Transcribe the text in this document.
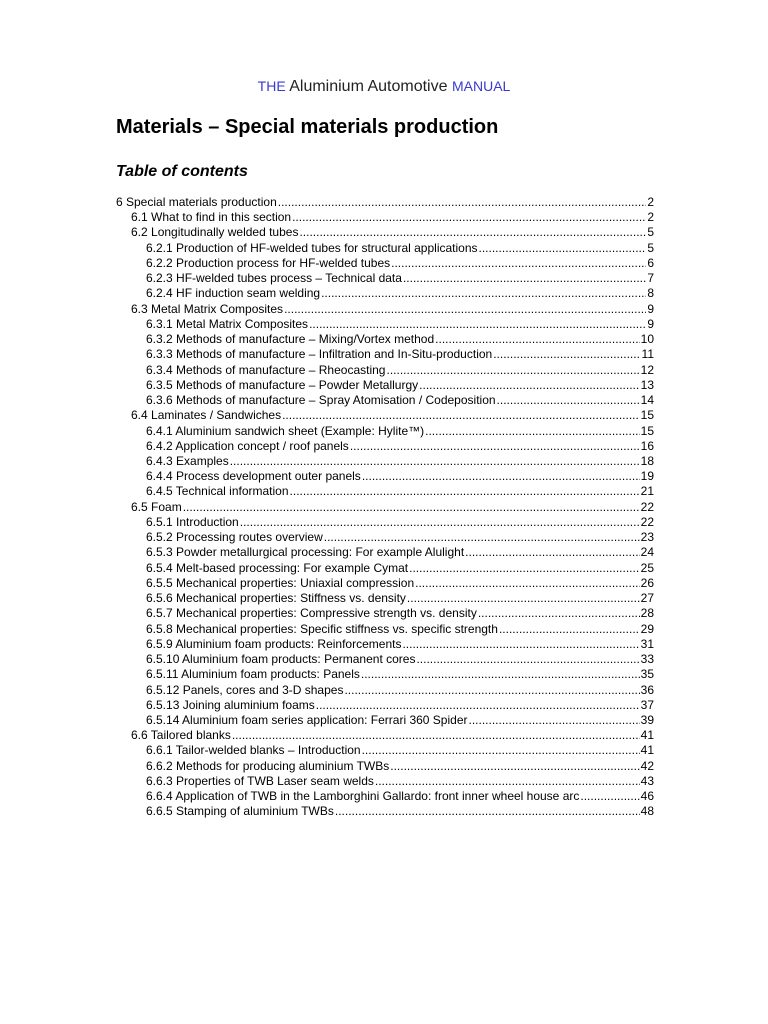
THE Aluminium Automotive MANUAL
Materials – Special materials production
Table of contents
6 Special materials production .....	2
6.1 What to find in this section .....	2
6.2 Longitudinally welded tubes .....	5
6.2.1 Production of HF-welded tubes for structural applications .....	5
6.2.2 Production process for HF-welded tubes .....	6
6.2.3 HF-welded tubes process – Technical data .....	7
6.2.4 HF induction seam welding .....	8
6.3 Metal Matrix Composites .....	9
6.3.1 Metal Matrix Composites .....	9
6.3.2 Methods of manufacture – Mixing/Vortex method .....	10
6.3.3 Methods of manufacture – Infiltration and In-Situ-production .....	11
6.3.4 Methods of manufacture – Rheocasting .....	12
6.3.5 Methods of manufacture – Powder Metallurgy .....	13
6.3.6 Methods of manufacture – Spray Atomisation / Codeposition .....	14
6.4 Laminates / Sandwiches .....	15
6.4.1 Aluminium sandwich sheet (Example: Hylite™) .....	15
6.4.2 Application concept / roof panels .....	16
6.4.3 Examples .....	18
6.4.4 Process development outer panels .....	19
6.4.5 Technical information .....	21
6.5 Foam .....	22
6.5.1 Introduction .....	22
6.5.2 Processing routes overview .....	23
6.5.3 Powder metallurgical processing: For example Alulight .....	24
6.5.4 Melt-based processing: For example Cymat .....	25
6.5.5 Mechanical properties: Uniaxial compression .....	26
6.5.6 Mechanical properties: Stiffness vs. density .....	27
6.5.7 Mechanical properties: Compressive strength vs. density .....	28
6.5.8 Mechanical properties: Specific stiffness vs. specific strength .....	29
6.5.9 Aluminium foam products: Reinforcements .....	31
6.5.10 Aluminium foam products: Permanent cores .....	33
6.5.11 Aluminium foam products: Panels .....	35
6.5.12 Panels, cores and 3-D shapes .....	36
6.5.13 Joining aluminium foams .....	37
6.5.14 Aluminium foam series application: Ferrari 360 Spider .....	39
6.6 Tailored blanks .....	41
6.6.1 Tailor-welded blanks – Introduction .....	41
6.6.2 Methods for producing aluminium TWBs .....	42
6.6.3 Properties of TWB Laser seam welds .....	43
6.6.4 Application of TWB in the Lamborghini Gallardo: front inner wheel house arc .....	46
6.6.5 Stamping of aluminium TWBs .....	48
